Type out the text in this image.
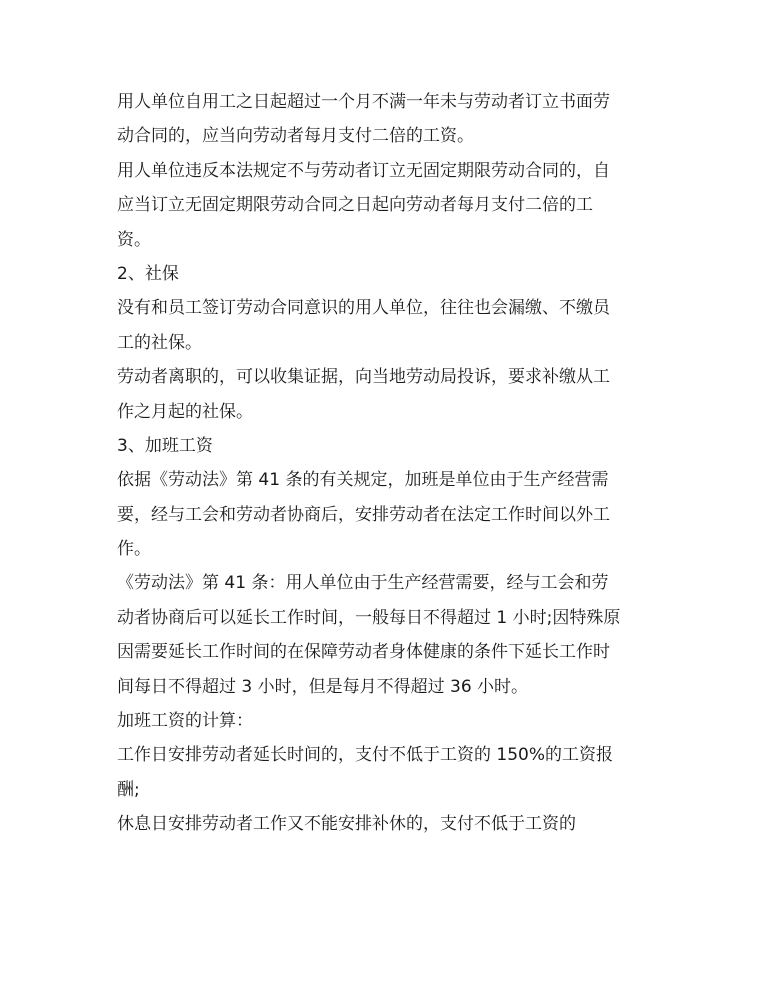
用人单位自用工之日起超过一个月不满一年未与劳动者订立书面劳
动合同的，应当向劳动者每月支付二倍的工资。

用人单位违反本法规定不与劳动者订立无固定期限劳动合同的，自
应当订立无固定期限劳动合同之日起向劳动者每月支付二倍的工
资。

2、社保

没有和员工签订劳动合同意识的用人单位，往往也会漏缴、不缴员
工的社保。

劳动者离职的，可以收集证据，向当地劳动局投诉，要求补缴从工
作之月起的社保。

3、加班工资

依据《劳动法》第 41 条的有关规定，加班是单位由于生产经营需
要，经与工会和劳动者协商后，安排劳动者在法定工作时间以外工
作。

《劳动法》第 41 条：用人单位由于生产经营需要，经与工会和劳
动者协商后可以延长工作时间，一般每日不得超过 1 小时;因特殊原
因需要延长工作时间的在保障劳动者身体健康的条件下延长工作时
间每日不得超过 3 小时，但是每月不得超过 36 小时。

加班工资的计算：

工作日安排劳动者延长时间的，支付不低于工资的 150%的工资报
酬;

休息日安排劳动者工作又不能安排补休的，支付不低于工资的
